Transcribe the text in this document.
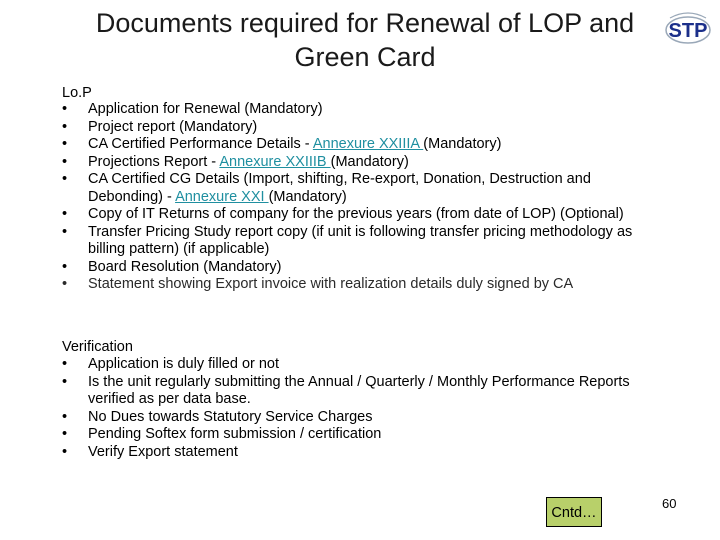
Documents required for Renewal of LOP and
Green Card
STP
Lo.P
• Application for Renewal (Mandatory)
• Project report (Mandatory)
• CA Certified Performance Details - Annexure XXIIIA (Mandatory)
• Projections Report - Annexure XXIIIB (Mandatory)
• CA Certified CG Details (Import, shifting, Re-export, Donation, Destruction and Debonding) - Annexure XXI (Mandatory)
• Copy of IT Returns of company for the previous years (from date of LOP) (Optional)
• Transfer Pricing Study report copy (if unit is following transfer pricing methodology as billing pattern) (if applicable)
• Board Resolution (Mandatory)
• Statement showing Export invoice with realization details duly signed by CA
Verification
• Application is duly filled or not
• Is the unit regularly submitting the Annual / Quarterly / Monthly Performance Reports verified as per data base.
• No Dues towards Statutory Service Charges
• Pending Softex form submission / certification
• Verify Export statement
Cntd…
60
